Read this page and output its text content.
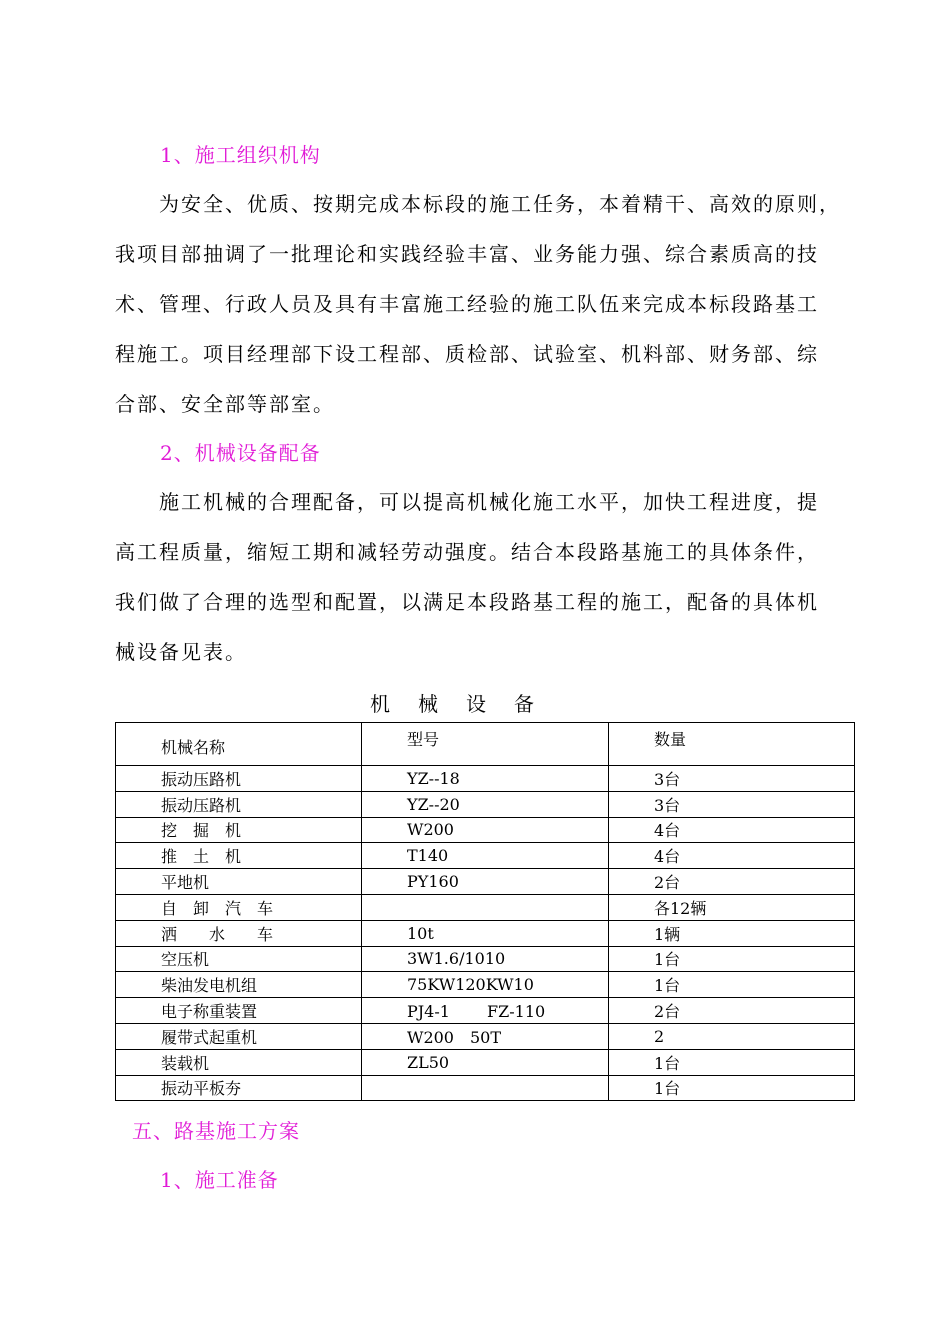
1、施工组织机构
　　为安全、优质、按期完成本标段的施工任务，本着精干、高效的原则，
我项目部抽调了一批理论和实践经验丰富、业务能力强、综合素质高的技
术、管理、行政人员及具有丰富施工经验的施工队伍来完成本标段路基工
程施工。项目经理部下设工程部、质检部、试验室、机料部、财务部、综
合部、安全部等部室。
2、机械设备配备
　　施工机械的合理配备，可以提高机械化施工水平，加快工程进度，提
高工程质量，缩短工期和减轻劳动强度。结合本段路基施工的具体条件，
我们做了合理的选型和配置，以满足本段路基工程的施工，配备的具体机
械设备见表。
机 械 设 备
机械名称	型号	数量
振动压路机	YZ--18	3台
振动压路机	YZ--20	3台
挖　掘　机	W200	4台
推　土　机	T140	4台
平地机	PY160	2台
自　卸　汽　车		各12辆
洒　　水　　车	10t	1辆
空压机	3W1.6/1010	1台
柴油发电机组	75KW120KW10	1台
电子称重装置	PJ4-1　　 FZ-110	2台
履带式起重机	W200　50T	2
装载机	ZL50	1台
振动平板夯		1台
五、路基施工方案
1、施工准备
